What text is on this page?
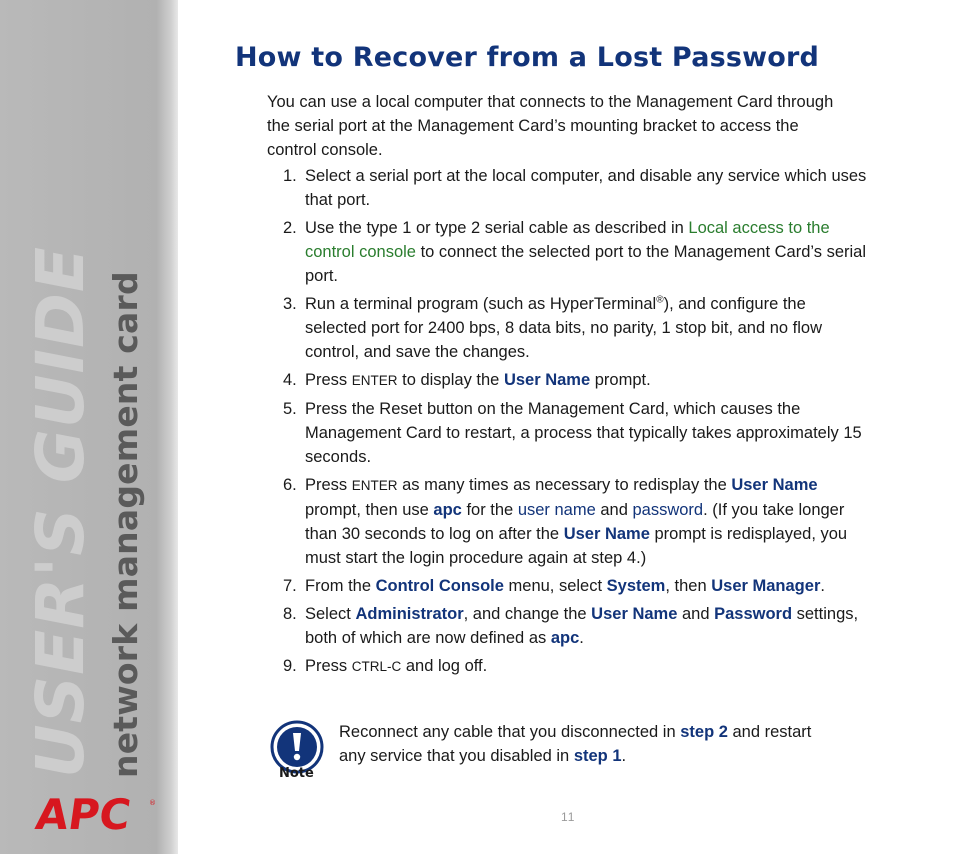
USER'S GUIDE network management card
APC ®
How to Recover from a Lost Password

You can use a local computer that connects to the Management Card through the serial port at the Management Card’s mounting bracket to access the control console.

1. Select a serial port at the local computer, and disable any service which uses that port.
2. Use the type 1 or type 2 serial cable as described in Local access to the control console to connect the selected port to the Management Card’s serial port.
3. Run a terminal program (such as HyperTerminal®), and configure the selected port for 2400 bps, 8 data bits, no parity, 1 stop bit, and no flow control, and save the changes.
4. Press ENTER to display the User Name prompt.
5. Press the Reset button on the Management Card, which causes the Management Card to restart, a process that typically takes approximately 15 seconds.
6. Press ENTER as many times as necessary to redisplay the User Name prompt, then use apc for the user name and password. (If you take longer than 30 seconds to log on after the User Name prompt is redisplayed, you must start the login procedure again at step 4.)
7. From the Control Console menu, select System, then User Manager.
8. Select Administrator, and change the User Name and Password settings, both of which are now defined as apc.
9. Press CTRL-C and log off.
Note

Reconnect any cable that you disconnected in step 2 and restart any service that you disabled in step 1.

11
